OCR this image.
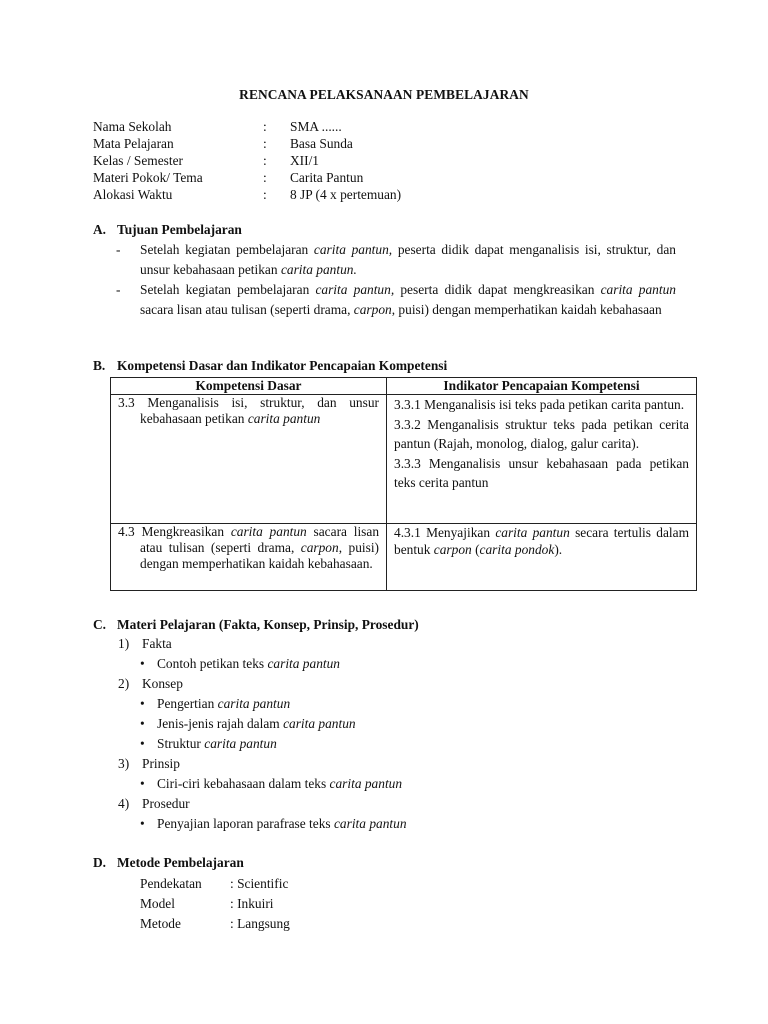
RENCANA PELAKSANAAN PEMBELAJARAN
Nama Sekolah	:	SMA ......
Mata Pelajaran	:	Basa Sunda
Kelas / Semester	:	XII/1
Materi Pokok/ Tema	:	Carita Pantun
Alokasi Waktu	:	8 JP (4 x pertemuan)
A. Tujuan Pembelajaran
-	Setelah kegiatan pembelajaran carita pantun, peserta didik dapat menganalisis isi, struktur, dan unsur kebahasaan petikan carita pantun.
-	Setelah kegiatan pembelajaran carita pantun, peserta didik dapat mengkreasikan carita pantun sacara lisan atau tulisan (seperti drama, carpon, puisi) dengan memperhatikan kaidah kebahasaan
B. Kompetensi Dasar dan Indikator Pencapaian Kompetensi
Kompetensi Dasar	Indikator Pencapaian Kompetensi

3.3 Menganalisis isi, struktur, dan unsur kebahasaan petikan carita pantun	3.3.1 Menganalisis isi teks pada petikan carita pantun.

3.3.2 Menganalisis struktur teks pada petikan cerita pantun (Rajah, monolog, dialog, galur carita).

3.3.3 Menganalisis unsur kebahasaan pada petikan teks cerita pantun

4.3 Mengkreasikan carita pantun sacara lisan atau tulisan (seperti drama, carpon, puisi) dengan memperhatikan kaidah kebahasaan.	4.3.1 Menyajikan carita pantun secara tertulis dalam bentuk carpon (carita pondok).
C. Materi Pelajaran (Fakta, Konsep, Prinsip, Prosedur)
1) Fakta
• Contoh petikan teks carita pantun
2) Konsep
• Pengertian carita pantun
• Jenis-jenis rajah dalam carita pantun
• Struktur carita pantun
3) Prinsip
• Ciri-ciri kebahasaan dalam teks carita pantun
4) Prosedur
• Penyajian laporan parafrase teks carita pantun
D. Metode Pembelajaran
Pendekatan	: Scientific
Model	: Inkuiri
Metode	: Langsung
